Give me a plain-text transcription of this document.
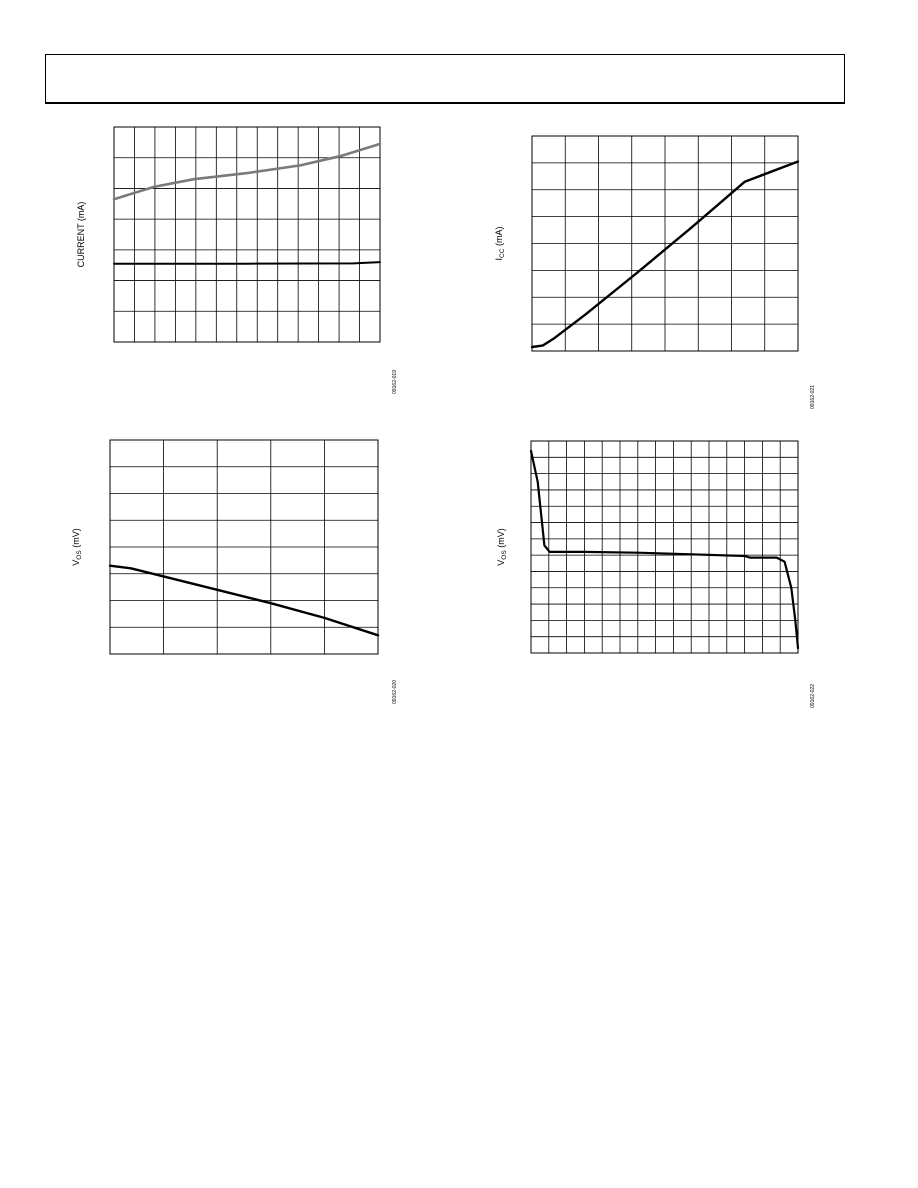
CURRENT (mA)
09162-019
$I_{CC}$ (mA)
09162-021
$V_{OS}$ (mV)
09162-020
$V_{OS}$ (mV)
09162-022
